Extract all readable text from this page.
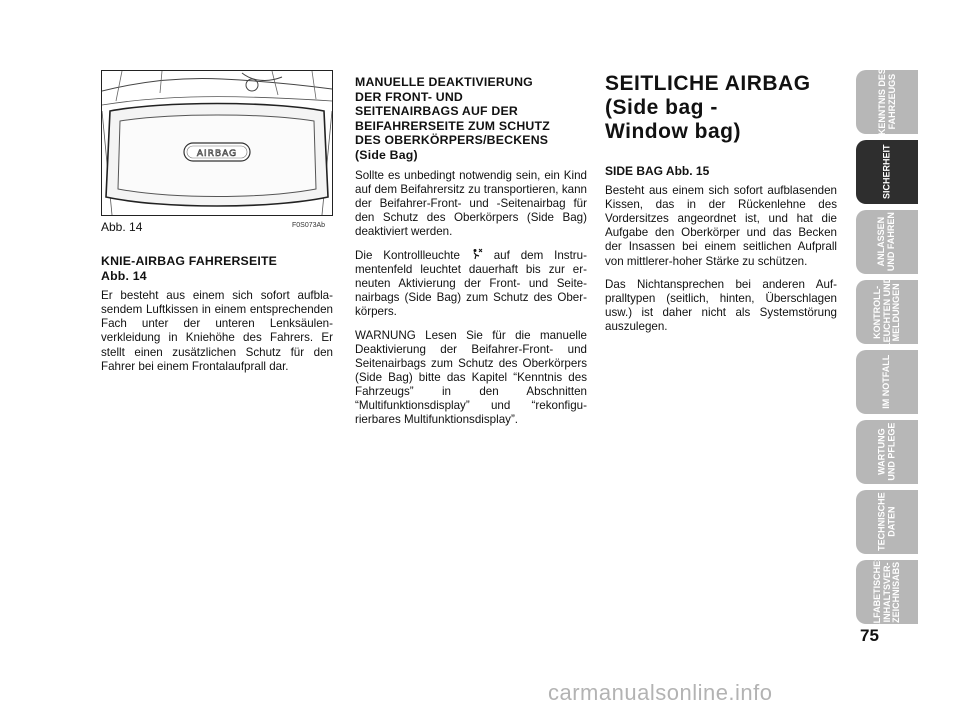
AIRBAG
Abb. 14	F0S073Ab
KNIE-AIRBAG FAHRERSEITE
Abb. 14

Er besteht aus einem sich sofort aufblasendem Luftkissen in einem entsprechenden Fach unter der unteren Lenksäulenverkleidung in Kniehöhe des Fahrers. Er stellt einen zusätzlichen Schutz für den Fahrer bei einem Frontalaufprall dar.

MANUELLE DEAKTIVIERUNG
DER FRONT- UND
SEITENAIRBAGS AUF DER
BEIFAHRERSEITE ZUM SCHUTZ
DES OBERKÖRPERS/BECKENS
(Side Bag)

Sollte es unbedingt notwendig sein, ein Kind auf dem Beifahrersitz zu transportieren, kann der Beifahrer-Front- und -Seitenairbag für den Schutz des Oberkörpers (Side Bag) deaktiviert werden.

Die Kontrollleuchte	auf dem Instrumentenfeld leuchtet dauerhaft bis zur erneuten Aktivierung der Front- und Seitenairbags (Side Bag) zum Schutz des Oberkörpers.

WARNUNG Lesen Sie für die manuelle Deaktivierung der Beifahrer-Front- und Seitenairbags zum Schutz des Oberkörpers (Side Bag) bitte das Kapitel “Kenntnis des Fahrzeugs” in den Abschnitten “Multifunktionsdisplay” und “rekonfigurierbares Multifunktionsdisplay”.

SEITLICHE AIRBAG
(Side bag -
Window bag)
SIDE BAG Abb. 15

Besteht aus einem sich sofort aufblasenden Kissen, das in der Rückenlehne des Vordersitzes angeordnet ist, und hat die Aufgabe den Oberkörper und das Becken der Insassen bei einem seitlichen Aufprall von mittlerer-hoher Stärke zu schützen.

Das Nichtansprechen bei anderen Aufpralltypen (seitlich, hinten, Überschlagen usw.) ist daher nicht als Systemstörung auszulegen.

KENNTNIS DES
FAHRZEUGS
SICHERHEIT
ANLASSEN
UND FAHREN
KONTROLL-
LEUCHTEN UND
MELDUNGEN
IM NOTFALL
WARTUNG
UND PFLEGE
TECHNISCHE
DATEN
ALFABETISCHES
INHALTSVER-
ZEICHNISABS
75
carmanualsonline.info
